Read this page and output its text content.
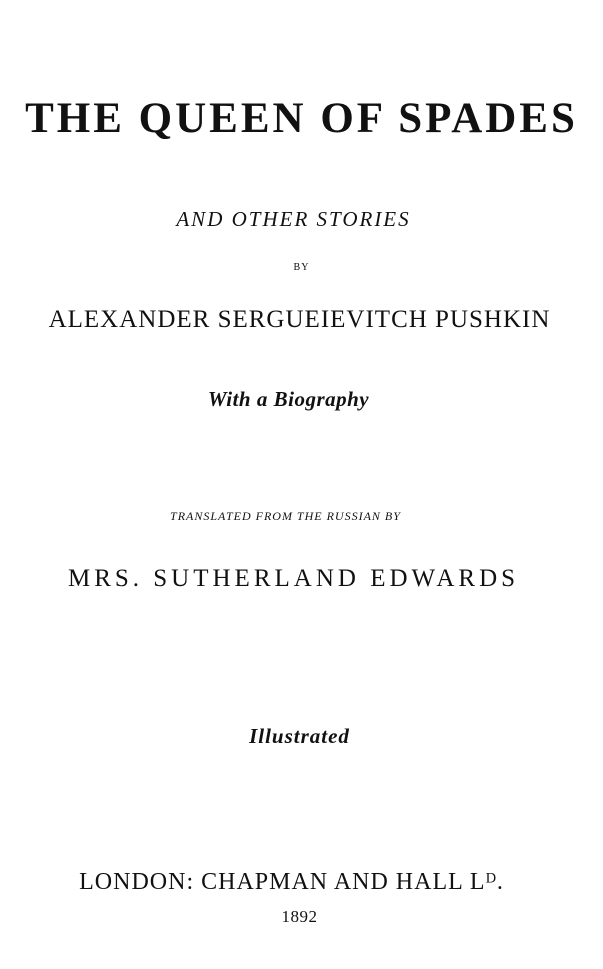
THE QUEEN OF SPADES
AND OTHER STORIES
BY
ALEXANDER SERGUEIEVITCH PUSHKIN
With a Biography
TRANSLATED FROM THE RUSSIAN BY
MRS. SUTHERLAND EDWARDS
Illustrated
LONDON: CHAPMAN AND HALL Lᴰ.
1892
